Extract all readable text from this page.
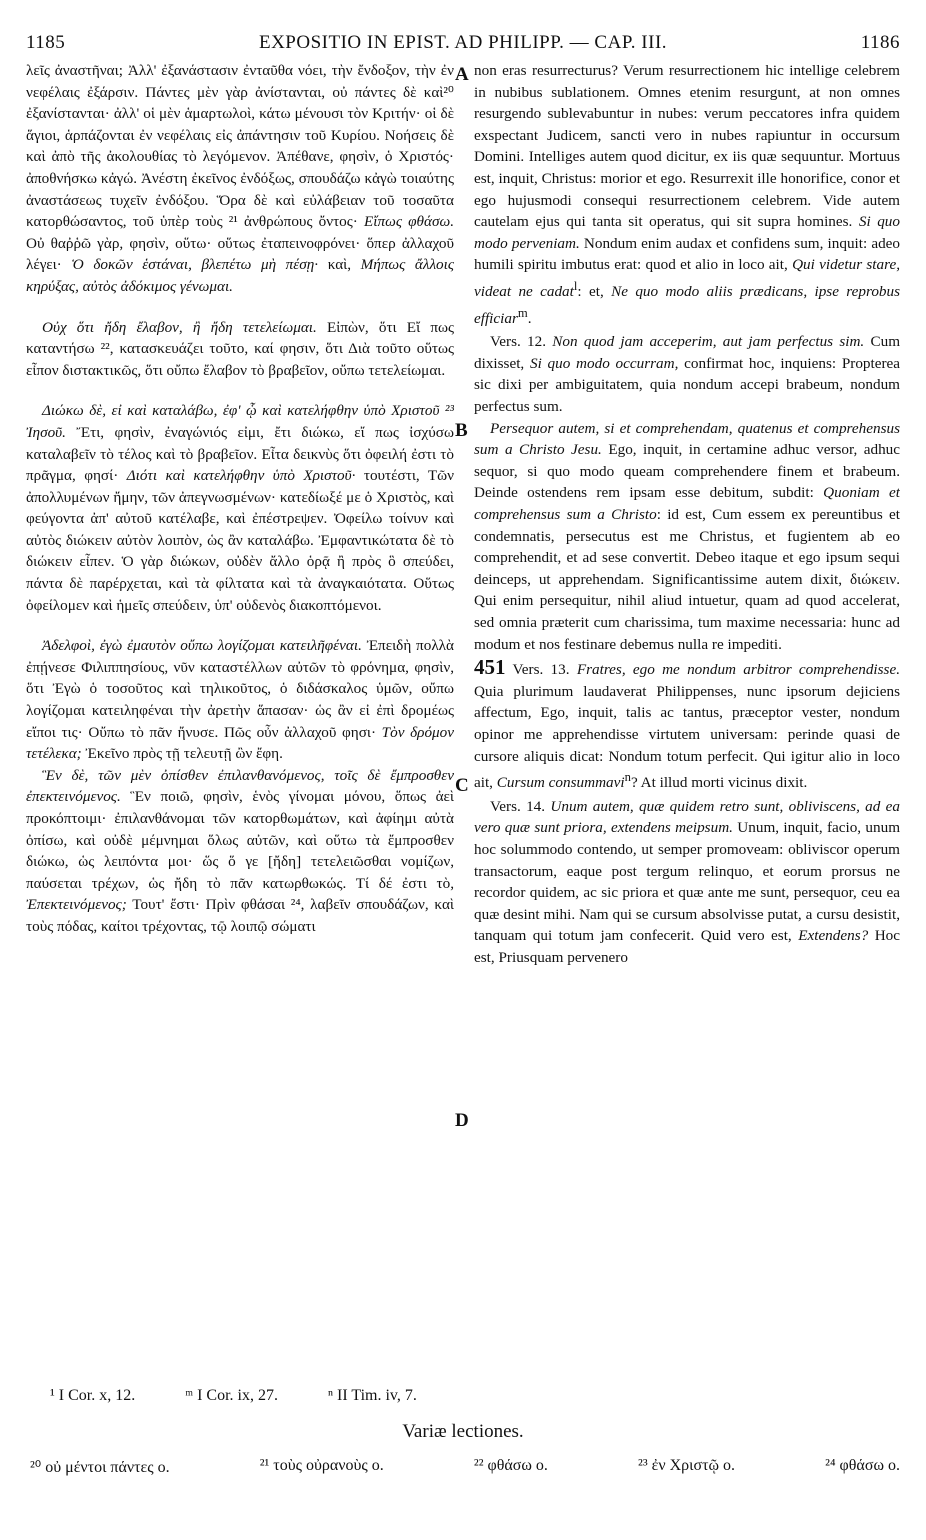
1185	EXPOSITIO IN EPIST. AD PHILIPP. — CAP. III.	1186
A
B
C
D

λεῖς ἀναστῆναι; Ἀλλ' ἐξανάστασιν ἐνταῦθα νόει, τὴν ἔνδοξον, τὴν ἐν νεφέλαις ἐξάρσιν. Πάντες μὲν γὰρ ἀνίστανται, οὐ πάντες δὲ καὶ²⁰ ἐξανίστανται· ἀλλ' οἱ μὲν ἁμαρτωλοὶ, κάτω μένουσι τὸν Κριτήν· οἱ δὲ ἅγιοι, ἁρπάζονται ἐν νεφέλαις εἰς ἀπάντησιν τοῦ Κυρίου. Νοήσεις δὲ καὶ ἀπὸ τῆς ἀκολουθίας τὸ λεγόμενον. Ἀπέθανε, φησὶν, ὁ Χριστός· ἀποθνήσκω κἀγώ. Ἀνέστη ἐκεῖνος ἐνδόξως, σπουδάζω κἀγὼ τοιαύτης ἀναστάσεως τυχεῖν ἐνδόξου. Ὅρα δὲ καὶ εὐλάβειαν τοῦ τοσαῦτα κατορθώσαντος, τοῦ ὑπὲρ τοὺς ²¹ ἀνθρώπους ὄντος· Εἴπως φθάσω. Οὐ θαῤῥῶ γὰρ, φησὶν, οὕτω· οὕτως ἐταπεινοφρόνει· ὅπερ ἀλλαχοῦ λέγει· Ὁ δοκῶν ἑστάναι, βλεπέτω μὴ πέσῃ· καὶ, Μήπως ἄλλοις κηρύξας, αὐτὸς ἀδόκιμος γένωμαι.

Οὐχ ὅτι ἤδη ἔλαβον, ἢ ἤδη τετελείωμαι. Εἰπὼν, ὅτι Εἴ πως καταντήσω ²², κατασκευάζει τοῦτο, καί φησιν, ὅτι Διὰ τοῦτο οὕτως εἶπον διστακτικῶς, ὅτι οὔπω ἔλαβον τὸ βραβεῖον, οὔπω τετελείωμαι.

Διώκω δὲ, εἰ καὶ καταλάβω, ἐφ' ᾧ καὶ κατελήφθην ὑπὸ Χριστοῦ ²³ Ἰησοῦ. Ἔτι, φησὶν, ἐναγώνιός εἰμι, ἔτι διώκω, εἴ πως ἰσχύσω καταλαβεῖν τὸ τέλος καὶ τὸ βραβεῖον. Εἶτα δεικνὺς ὅτι ὀφειλή ἐστι τὸ πρᾶγμα, φησί· Διότι καὶ κατελήφθην ὑπὸ Χριστοῦ· τουτέστι, Τῶν ἀπολλυμένων ἤμην, τῶν ἀπεγνωσμένων· κατεδίωξέ με ὁ Χριστὸς, καὶ φεύγοντα ἀπ' αὐτοῦ κατέλαβε, καὶ ἐπέστρεψεν. Ὀφείλω τοίνυν καὶ αὐτὸς διώκειν αὐτὸν λοιπὸν, ὡς ἂν καταλάβω. Ἐμφαντικώτατα δὲ τὸ διώκειν εἶπεν. Ὁ γὰρ διώκων, οὐδὲν ἄλλο ὁρᾷ ἢ πρὸς ὃ σπεύδει, πάντα δὲ παρέρχεται, καὶ τὰ φίλτατα καὶ τὰ ἀναγκαιότατα. Οὕτως ὀφείλομεν καὶ ἡμεῖς σπεύδειν, ὑπ' οὐδενὸς διακοπτόμενοι.

Ἀδελφοὶ, ἐγὼ ἐμαυτὸν οὔπω λογίζομαι κατειλῆφέναι. Ἐπειδὴ πολλὰ ἐπῄνεσε Φιλιππησίους, νῦν καταστέλλων αὐτῶν τὸ φρόνημα, φησὶν, ὅτι Ἐγὼ ὁ τοσοῦτος καὶ τηλικοῦτος, ὁ διδάσκαλος ὑμῶν, οὔπω λογίζομαι κατειληφέναι τὴν ἀρετὴν ἅπασαν· ὡς ἂν εἰ ἐπὶ δρομέως εἴποι τις· Οὔπω τὸ πᾶν ἤνυσε. Πῶς οὖν ἀλλαχοῦ φησι· Τὸν δρόμον τετέλεκα; Ἐκεῖνο πρὸς τῇ τελευτῇ ὢν ἔφη.

Ἓν δὲ, τῶν μὲν ὀπίσθεν ἐπιλανθανόμενος, τοῖς δὲ ἔμπροσθεν ἐπεκτεινόμενος. Ἓν ποιῶ, φησὶν, ἑνὸς γίνομαι μόνου, ὅπως ἀεὶ προκόπτοιμι· ἐπιλανθάνομαι τῶν κατορθωμάτων, καὶ ἀφίημι αὐτὰ ὀπίσω, καὶ οὐδὲ μέμνημαι ὅλως αὐτῶν, καὶ οὕτω τὰ ἔμπροσθεν διώκω, ὡς λειπόντα μοι· ὥς ὅ γε [ἤδη] τετελειῶσθαι νομίζων, παύσεται τρέχων, ὡς ἤδη τὸ πᾶν κατωρθωκώς. Τί δέ ἐστι τὸ, Ἐπεκτεινόμενος; Τουτ' ἔστι· Πρὶν φθάσαι ²⁴, λαβεῖν σπουδάζων, καὶ τοὺς πόδας, καίτοι τρέχοντας, τῷ λοιπῷ σώματι

non eras resurrecturus? Verum resurrectionem hic intellige celebrem in nubibus sublationem. Omnes etenim resurgunt, at non omnes resurgendo sublevabuntur in nubes: verum peccatores infra quidem exspectant Judicem, sancti vero in nubes rapiuntur in occursum Domini. Intelliges autem quod dicitur, ex iis quæ sequuntur. Mortuus est, inquit, Christus: morior et ego. Resurrexit ille honorifice, conor et ego hujusmodi consequi resurrectionem celebrem. Vide autem cautelam ejus qui tanta sit operatus, qui sit supra homines. Si quo modo perveniam. Nondum enim audax et confidens sum, inquit: adeo humili spiritu imbutus erat: quod et alio in loco ait, Qui videtur stare, videat ne cadat$^l$: et, Ne quo modo aliis prædicans, ipse reprobus efficiar$^m$.

Vers. 12. Non quod jam acceperim, aut jam perfectus sim. Cum dixisset, Si quo modo occurram, confirmat hoc, inquiens: Propterea sic dixi per ambiguitatem, quia nondum accepi brabeum, nondum perfectus sum.

Persequor autem, si et comprehendam, quatenus et comprehensus sum a Christo Jesu. Ego, inquit, in certamine adhuc versor, adhuc sequor, si quo modo queam comprehendere finem et brabeum. Deinde ostendens rem ipsam esse debitum, subdit: Quoniam et comprehensus sum a Christo: id est, Cum essem ex pereuntibus et condemnatis, persecutus est me Christus, et fugientem ab eo comprehendit, et ad sese convertit. Debeo itaque et ego ipsum sequi deinceps, ut apprehendam. Significantissime autem dixit, διώκειν. Qui enim persequitur, nihil aliud intuetur, quam ad quod accelerat, sed omnia præterit cum charissima, tum maxime necessaria: hunc ad modum et nos festinare debemus nulla re impediti.

451 Vers. 13. Fratres, ego me nondum arbitror comprehendisse. Quia plurimum laudaverat Philippenses, nunc ipsorum dejiciens affectum, Ego, inquit, talis ac tantus, præceptor vester, nondum opinor me apprehendisse virtutem universam: perinde quasi de cursore aliquis dicat: Nondum totum perfecit. Qui igitur alio in loco ait, Cursum consummavi$^n$? At illud morti vicinus dixit.

Vers. 14. Unum autem, quæ quidem retro sunt, obliviscens, ad ea vero quæ sunt priora, extendens meipsum. Unum, inquit, facio, unum hoc solummodo contendo, ut semper promoveam: obliviscor operum transactorum, eaque post tergum relinquo, et eorum prorsus ne recordor quidem, ac sic priora et quæ ante me sunt, persequor, ceu ea quæ desint mihi. Nam qui se cursum absolvisse putat, a cursu desistit, tanquam qui totum jam confecerit. Quid vero est, Extendens? Hoc est, Priusquam pervenero

¹ I Cor. x, 12.	ᵐ I Cor. ix, 27.	ⁿ II Tim. iv, 7.
Variæ lectiones.
²⁰ οὐ μέντοι πάντες ο.	²¹ τοὺς οὐρανοὺς ο.	²² φθάσω ο.	²³ ἐν Χριστῷ ο.	²⁴ φθάσω ο.
